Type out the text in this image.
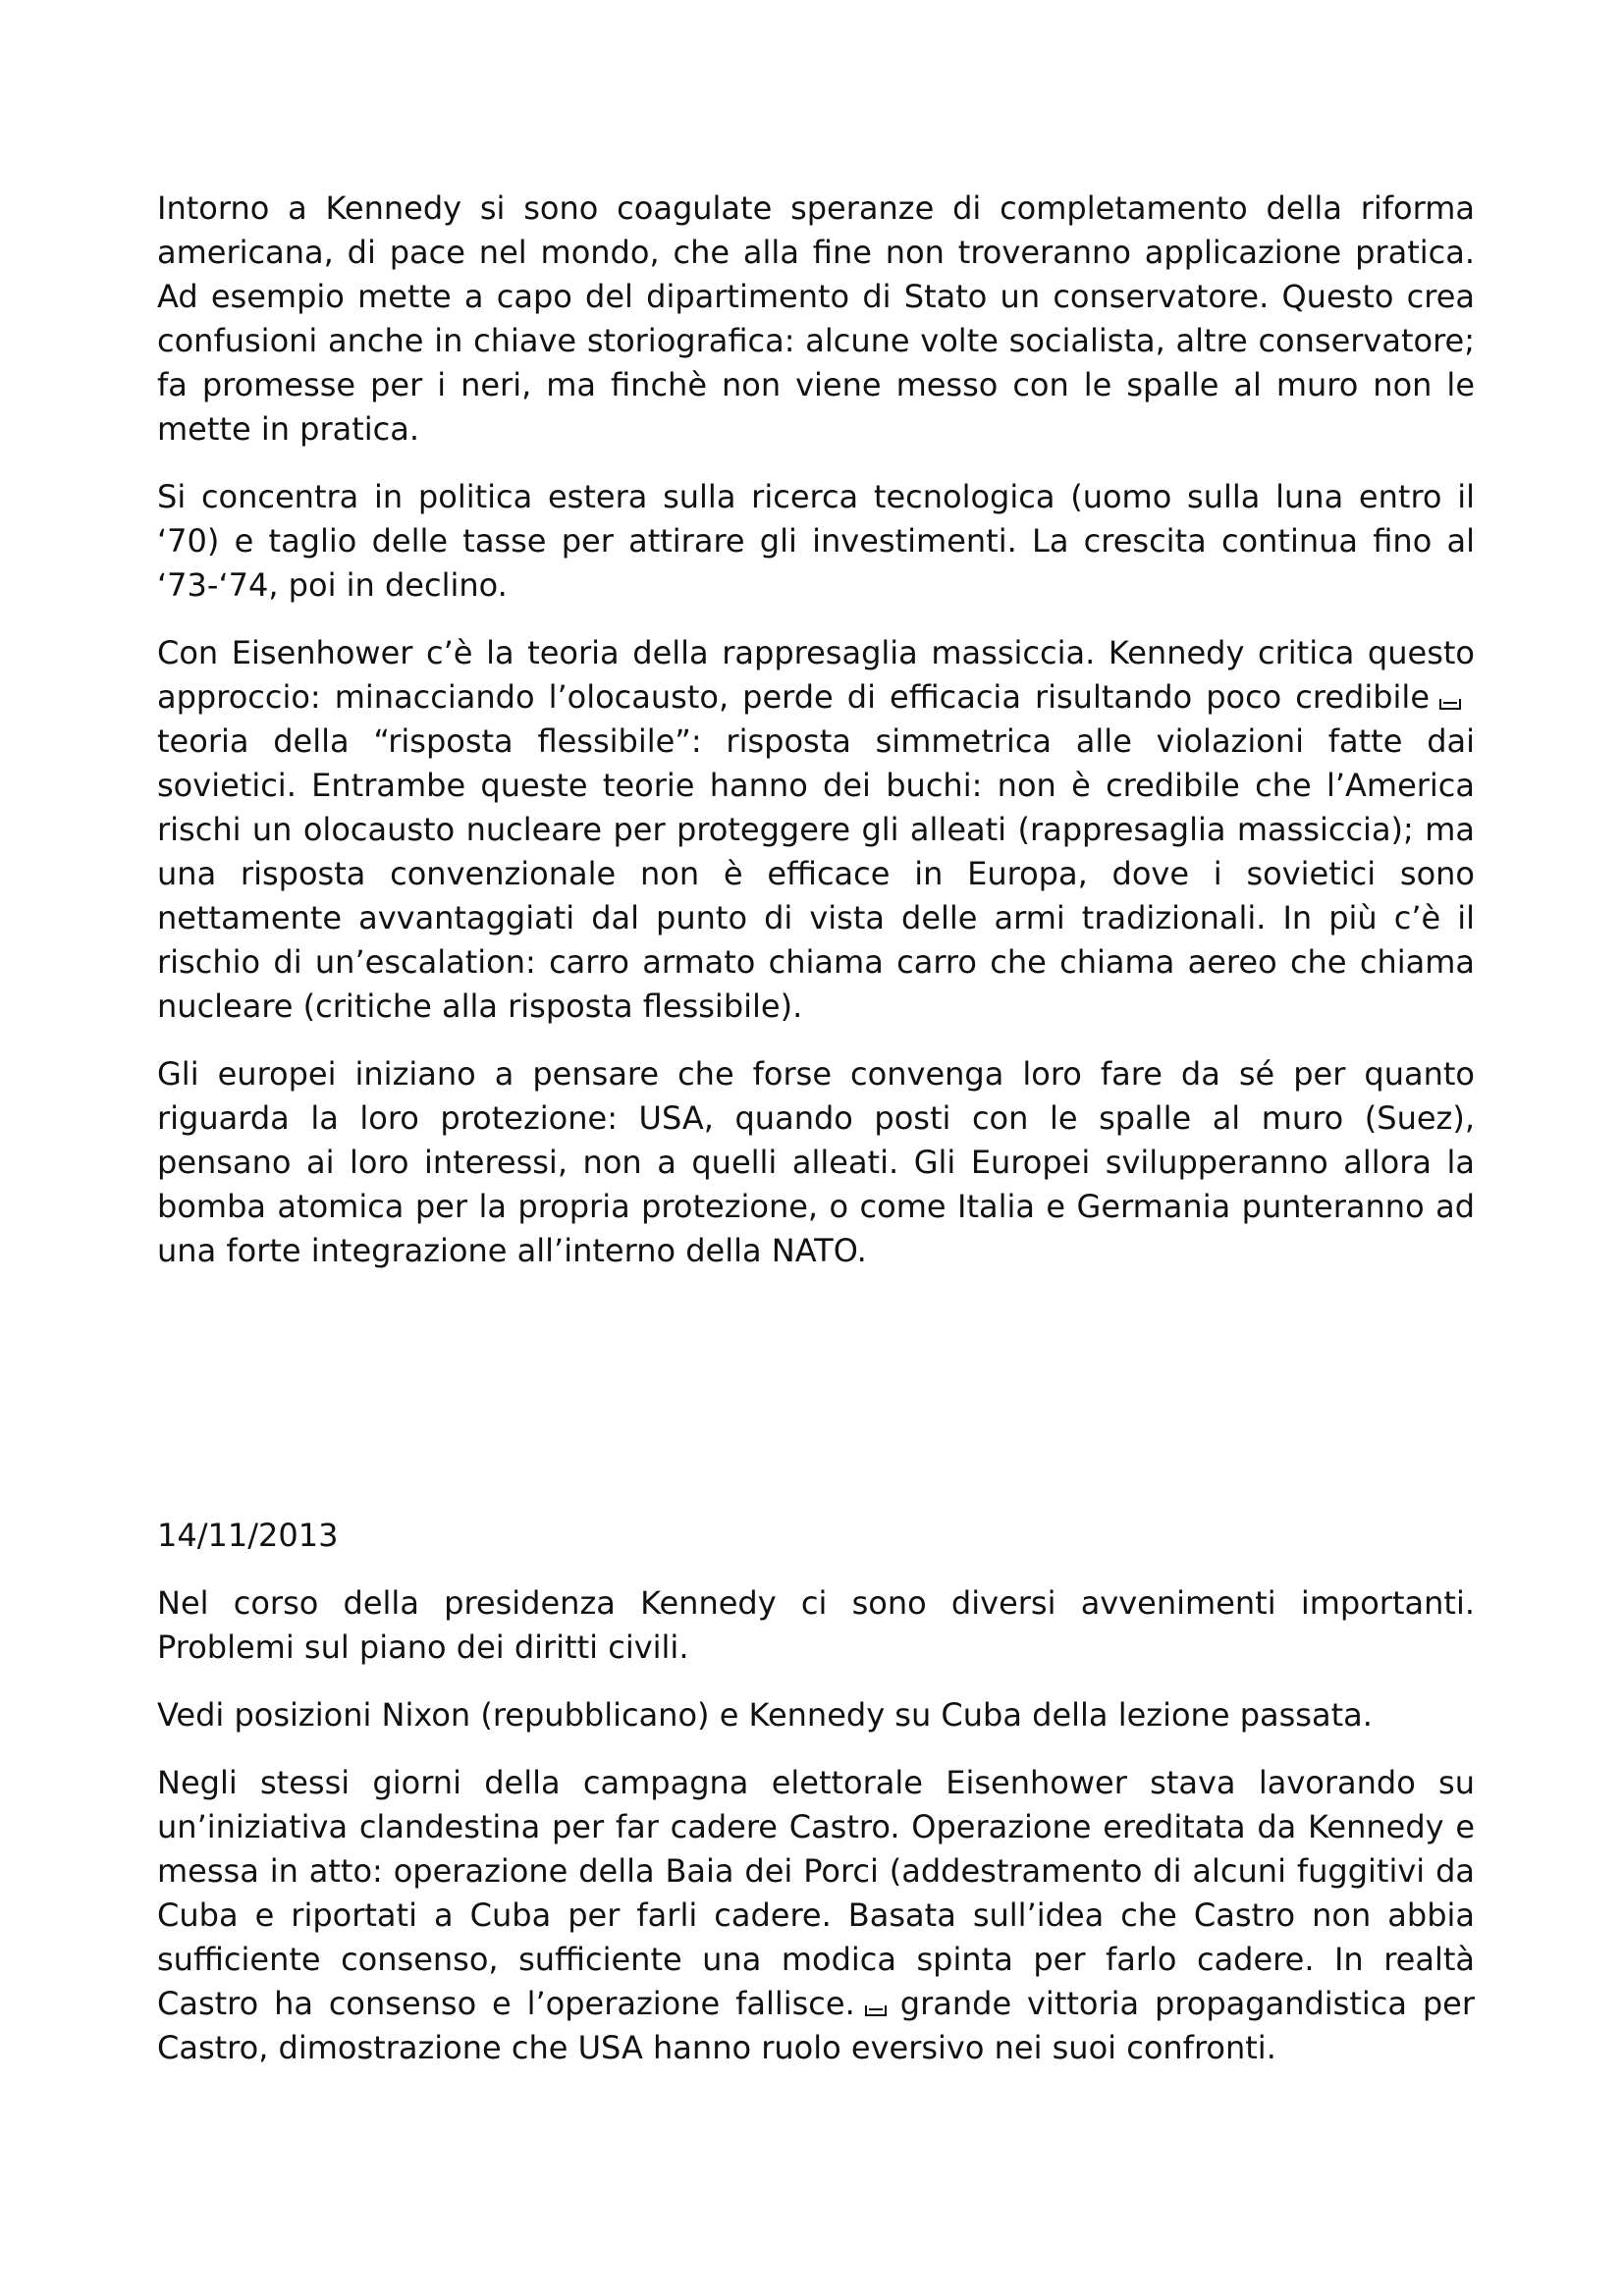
Intorno a Kennedy si sono coagulate speranze di completamento della riforma americana, di pace nel mondo, che alla fine non troveranno applicazione pratica. Ad esempio mette a capo del dipartimento di Stato un conservatore. Questo crea confusioni anche in chiave storiografica: alcune volte socialista, altre conservatore; fa promesse per i neri, ma finchè non viene messo con le spalle al muro non le mette in pratica.

Si concentra in politica estera sulla ricerca tecnologica (uomo sulla luna entro il ‘70) e taglio delle tasse per attirare gli investimenti. La crescita continua fino al ‘73-‘74, poi in declino.

Con Eisenhower c’è la teoria della rappresaglia massiccia. Kennedy critica questo approccio: minacciando l’olocausto, perde di efficacia risultando poco credibileteoria della “risposta flessibile”: risposta simmetrica alle violazioni fatte dai sovietici. Entrambe queste teorie hanno dei buchi: non è credibile che l’America rischi un olocausto nucleare per proteggere gli alleati (rappresaglia massiccia); ma una risposta convenzionale non è efficace in Europa, dove i sovietici sono nettamente avvantaggiati dal punto di vista delle armi tradizionali. In più c’è il rischio di un’escalation: carro armato chiama carro che chiama aereo che chiama nucleare (critiche alla risposta flessibile).

Gli europei iniziano a pensare che forse convenga loro fare da sé per quanto riguarda la loro protezione: USA, quando posti con le spalle al muro (Suez), pensano ai loro interessi, non a quelli alleati. Gli Europei svilupperanno allora la bomba atomica per la propria protezione, o come Italia e Germania punteranno ad una forte integrazione all’interno della NATO.

14/11/2013

Nel corso della presidenza Kennedy ci sono diversi avvenimenti importanti. Problemi sul piano dei diritti civili.

Vedi posizioni Nixon (repubblicano) e Kennedy su Cuba della lezione passata.

Negli stessi giorni della campagna elettorale Eisenhower stava lavorando su un’iniziativa clandestina per far cadere Castro. Operazione ereditata da Kennedy e messa in atto: operazione della Baia dei Porci (addestramento di alcuni fuggitivi da Cuba e riportati a Cuba per farli cadere. Basata sull’idea che Castro non abbia sufficiente consenso, sufficiente una modica spinta per farlo cadere. In realtà Castro ha consenso e l’operazione fallisce. grande vittoria propagandistica per Castro, dimostrazione che USA hanno ruolo eversivo nei suoi confronti.
